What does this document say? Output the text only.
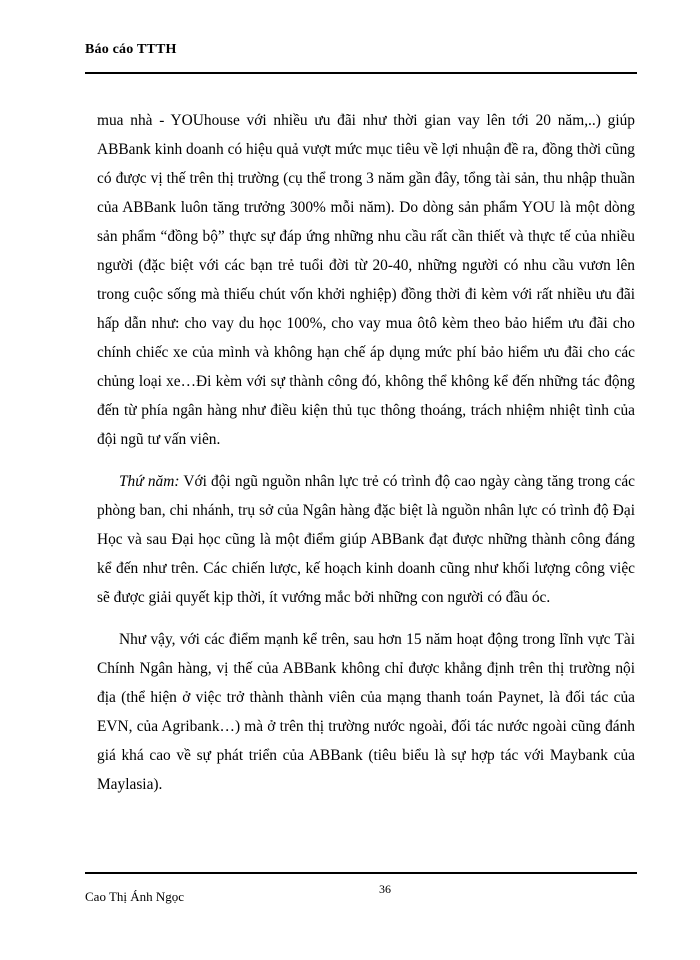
Báo cáo TTTH

mua nhà - YOUhouse với nhiều ưu đãi như thời gian vay lên tới 20 năm,..) giúp ABBank kinh doanh có hiệu quả vượt mức mục tiêu về lợi nhuận đề ra, đồng thời cũng có được vị thế trên thị trường (cụ thể trong 3 năm gần đây, tổng tài sản, thu nhập thuần của ABBank luôn tăng trưởng 300% mỗi năm). Do dòng sản phẩm YOU là một dòng sản phẩm “đồng bộ” thực sự đáp ứng những nhu cầu rất cần thiết và thực tế của nhiều người (đặc biệt với các bạn trẻ tuổi đời từ 20-40, những người có nhu cầu vươn lên trong cuộc sống mà thiếu chút vốn khởi nghiệp) đồng thời đi kèm với rất nhiều ưu đãi hấp dẫn như: cho vay du học 100%, cho vay mua ôtô kèm theo bảo hiểm ưu đãi cho chính chiếc xe của mình và không hạn chế áp dụng mức phí bảo hiểm ưu đãi cho các chủng loại xe…Đi kèm với sự thành công đó, không thể không kể đến những tác động đến từ phía ngân hàng như điều kiện thủ tục thông thoáng, trách nhiệm nhiệt tình của đội ngũ tư vấn viên.

Thứ năm: Với đội ngũ nguồn nhân lực trẻ có trình độ cao ngày càng tăng trong các phòng ban, chi nhánh, trụ sở của Ngân hàng đặc biệt là nguồn nhân lực có trình độ Đại Học và sau Đại học cũng là một điểm giúp ABBank đạt được những thành công đáng kể đến như trên. Các chiến lược, kế hoạch kinh doanh cũng như khối lượng công việc sẽ được giải quyết kịp thời, ít vướng mắc bởi những con người có đầu óc.

Như vậy, với các điểm mạnh kể trên, sau hơn 15 năm hoạt động trong lĩnh vực Tài Chính Ngân hàng, vị thế của ABBank không chỉ được khẳng định trên thị trường nội địa (thể hiện ở việc trở thành thành viên của mạng thanh toán Paynet, là đối tác của EVN, của Agribank…) mà ở trên thị trường nước ngoài, đối tác nước ngoài cũng đánh giá khá cao về sự phát triển của ABBank (tiêu biểu là sự hợp tác với Maybank của Maylasia).

Cao Thị Ánh Ngọc	36
